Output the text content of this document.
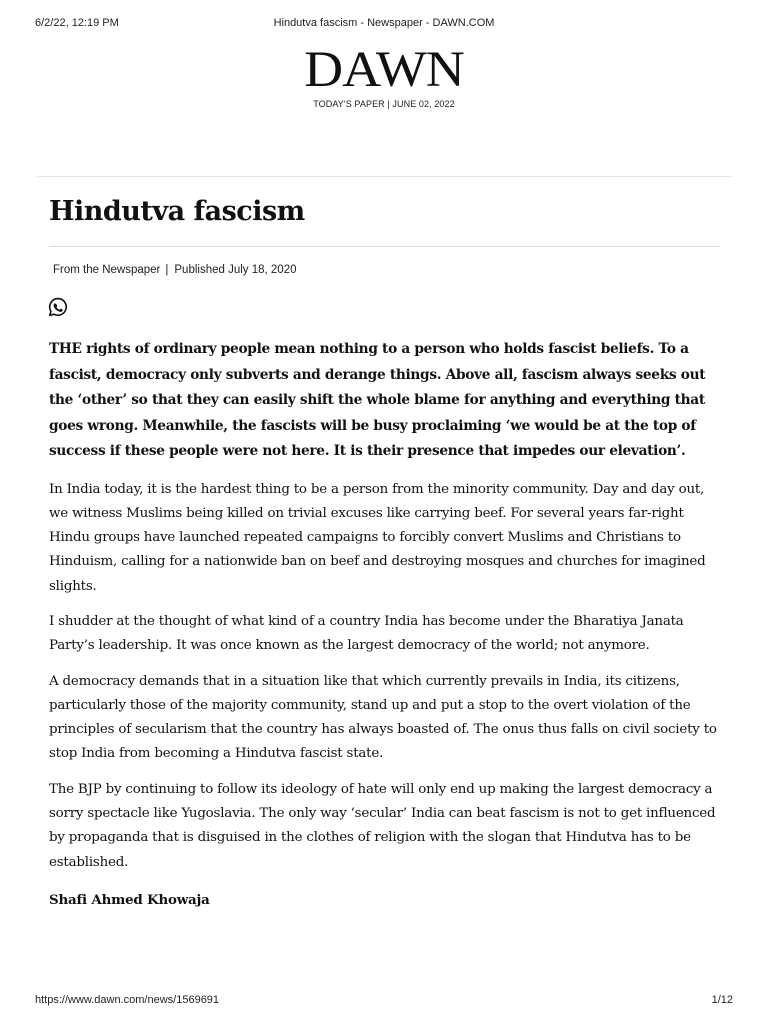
6/2/22, 12:19 PM	Hindutva fascism - Newspaper - DAWN.COM
DAWN
TODAY'S PAPER | JUNE 02, 2022
Hindutva fascism
From the Newspaper | Published July 18, 2020

THE rights of ordinary people mean nothing to a person who holds fascist beliefs. To a fascist, democracy only subverts and derange things. Above all, fascism always seeks out the ‘other’ so that they can easily shift the whole blame for anything and everything that goes wrong. Meanwhile, the fascists will be busy proclaiming ‘we would be at the top of success if these people were not here. It is their presence that impedes our elevation’.

In India today, it is the hardest thing to be a person from the minority community. Day and day out, we witness Muslims being killed on trivial excuses like carrying beef. For several years far-right Hindu groups have launched repeated campaigns to forcibly convert Muslims and Christians to Hinduism, calling for a nationwide ban on beef and destroying mosques and churches for imagined slights.

I shudder at the thought of what kind of a country India has become under the Bharatiya Janata Party’s leadership. It was once known as the largest democracy of the world; not anymore.

A democracy demands that in a situation like that which currently prevails in India, its citizens, particularly those of the majority community, stand up and put a stop to the overt violation of the principles of secularism that the country has always boasted of. The onus thus falls on civil society to stop India from becoming a Hindutva fascist state.

The BJP by continuing to follow its ideology of hate will only end up making the largest democracy a sorry spectacle like Yugoslavia. The only way ‘secular’ India can beat fascism is not to get influenced by propaganda that is disguised in the clothes of religion with the slogan that Hindutva has to be established.

Shafi Ahmed Khowaja

https://www.dawn.com/news/1569691	1/12
